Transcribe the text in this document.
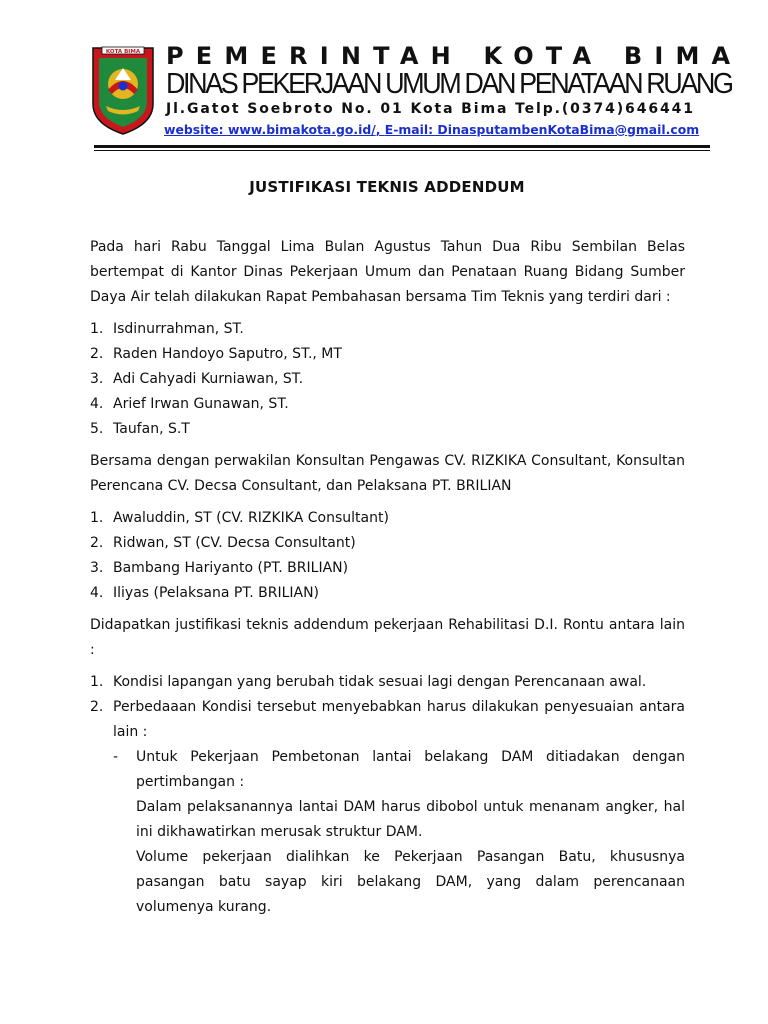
KOTA BIMA PEMERINTAH KOTA BIMA
DINAS PEKERJAAN UMUM DAN PENATAAN RUANG
Jl.Gatot Soebroto No. 01 Kota Bima Telp.(0374)646441
website: www.bimakota.go.id/, E-mail: DinasputambenKotaBima@gmail.com
JUSTIFIKASI TEKNIS ADDENDUM

Pada hari Rabu Tanggal Lima Bulan Agustus Tahun Dua Ribu Sembilan Belas bertempat di Kantor Dinas Pekerjaan Umum dan Penataan Ruang Bidang Sumber Daya Air telah dilakukan Rapat Pembahasan bersama Tim Teknis yang terdiri dari :

1. Isdinurrahman, ST.
2. Raden Handoyo Saputro, ST., MT
3. Adi Cahyadi Kurniawan, ST.
4. Arief Irwan Gunawan, ST.
5. Taufan, S.T

Bersama dengan perwakilan Konsultan Pengawas CV. RIZKIKA Consultant, Konsultan Perencana CV. Decsa Consultant, dan Pelaksana PT. BRILIAN

1. Awaluddin, ST (CV. RIZKIKA Consultant)
2. Ridwan, ST (CV. Decsa Consultant)
3. Bambang Hariyanto (PT. BRILIAN)
4. Iliyas (Pelaksana PT. BRILIAN)

Didapatkan justifikasi teknis addendum pekerjaan Rehabilitasi D.I. Rontu antara lain :

1. Kondisi lapangan yang berubah tidak sesuai lagi dengan Perencanaan awal.
2. Perbedaaan Kondisi tersebut menyebabkan harus dilakukan penyesuaian antara lain :
- Untuk Pekerjaan Pembetonan lantai belakang DAM ditiadakan dengan pertimbangan :

Dalam pelaksanannya lantai DAM harus dibobol untuk menanam angker, hal ini dikhawatirkan merusak struktur DAM.

Volume pekerjaan dialihkan ke Pekerjaan Pasangan Batu, khususnya pasangan batu sayap kiri belakang DAM, yang dalam perencanaan volumenya kurang.
